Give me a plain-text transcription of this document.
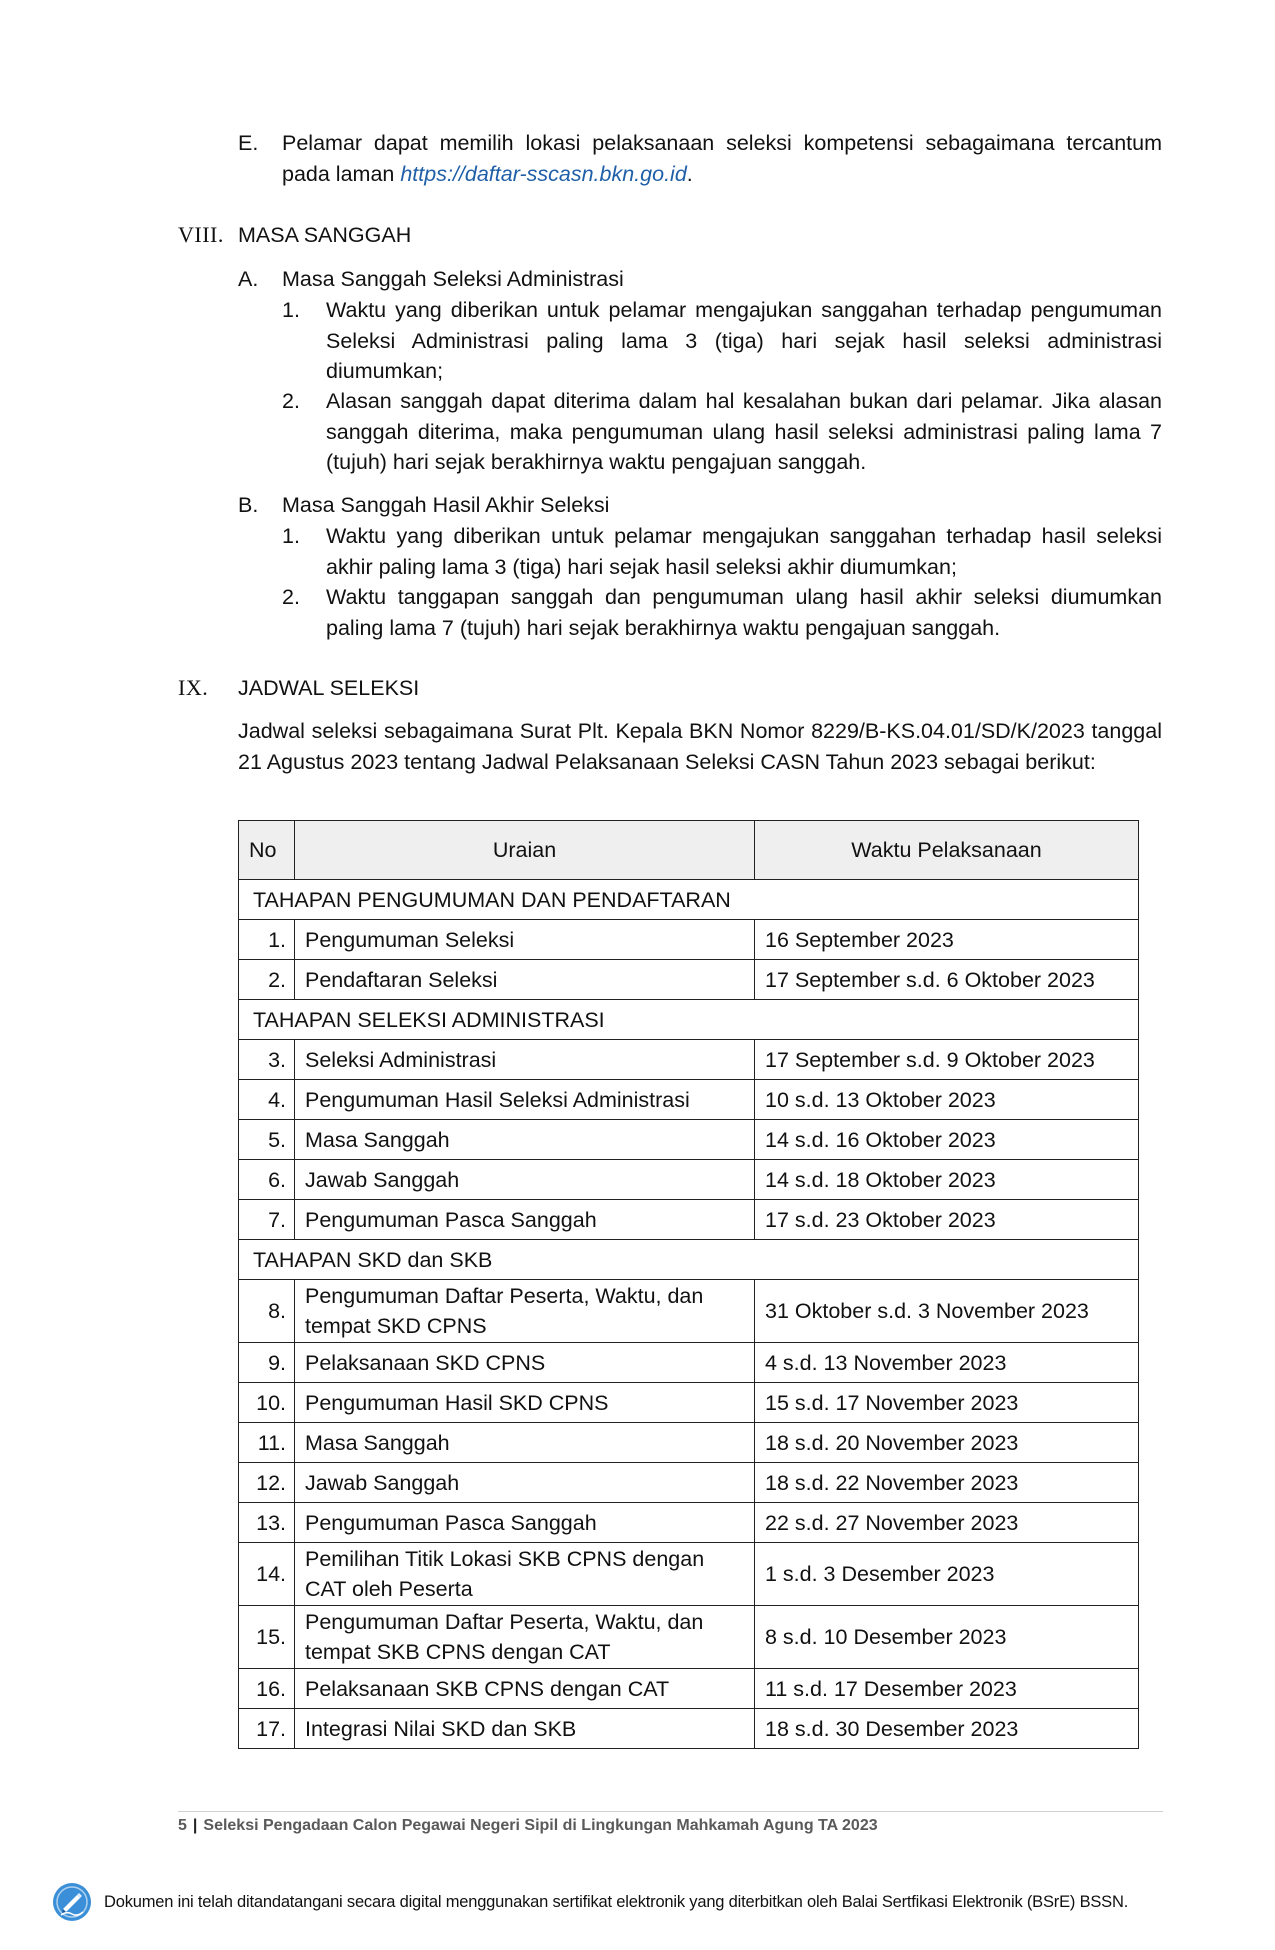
E. Pelamar dapat memilih lokasi pelaksanaan seleksi kompetensi sebagaimana tercantum pada laman https://daftar-sscasn.bkn.go.id.
VIII. MASA SANGGAH
A. Masa Sanggah Seleksi Administrasi
1. Waktu yang diberikan untuk pelamar mengajukan sanggahan terhadap pengumuman Seleksi Administrasi paling lama 3 (tiga) hari sejak hasil seleksi administrasi diumumkan;
2. Alasan sanggah dapat diterima dalam hal kesalahan bukan dari pelamar. Jika alasan sanggah diterima, maka pengumuman ulang hasil seleksi administrasi paling lama 7 (tujuh) hari sejak berakhirnya waktu pengajuan sanggah.
B. Masa Sanggah Hasil Akhir Seleksi
1. Waktu yang diberikan untuk pelamar mengajukan sanggahan terhadap hasil seleksi akhir paling lama 3 (tiga) hari sejak hasil seleksi akhir diumumkan;
2. Waktu tanggapan sanggah dan pengumuman ulang hasil akhir seleksi diumumkan paling lama 7 (tujuh) hari sejak berakhirnya waktu pengajuan sanggah.
IX. JADWAL SELEKSI
Jadwal seleksi sebagaimana Surat Plt. Kepala BKN Nomor 8229/B-KS.04.01/SD/K/2023 tanggal 21 Agustus 2023 tentang Jadwal Pelaksanaan Seleksi CASN Tahun 2023 sebagai berikut:
No	Uraian	Waktu Pelaksanaan
TAHAPAN PENGUMUMAN DAN PENDAFTARAN		
1.	Pengumuman Seleksi	16 September 2023
2.	Pendaftaran Seleksi	17 September s.d. 6 Oktober 2023
TAHAPAN SELEKSI ADMINISTRASI		
3.	Seleksi Administrasi	17 September s.d. 9 Oktober 2023
4.	Pengumuman Hasil Seleksi Administrasi	10 s.d. 13 Oktober 2023
5.	Masa Sanggah	14 s.d. 16 Oktober 2023
6.	Jawab Sanggah	14 s.d. 18 Oktober 2023
7.	Pengumuman Pasca Sanggah	17 s.d. 23 Oktober 2023
TAHAPAN SKD dan SKB		
8.	Pengumuman Daftar Peserta, Waktu, dan tempat SKD CPNS	31 Oktober s.d. 3 November 2023
9.	Pelaksanaan SKD CPNS	4 s.d. 13 November 2023
10.	Pengumuman Hasil SKD CPNS	15 s.d. 17 November 2023
11.	Masa Sanggah	18 s.d. 20 November 2023
12.	Jawab Sanggah	18 s.d. 22 November 2023
13.	Pengumuman Pasca Sanggah	22 s.d. 27 November 2023
14.	Pemilihan Titik Lokasi SKB CPNS dengan CAT oleh Peserta	1 s.d. 3 Desember 2023
15.	Pengumuman Daftar Peserta, Waktu, dan tempat SKB CPNS dengan CAT	8 s.d. 10 Desember 2023
16.	Pelaksanaan SKB CPNS dengan CAT	11 s.d. 17 Desember 2023
17.	Integrasi Nilai SKD dan SKB	18 s.d. 30 Desember 2023
5 | Seleksi Pengadaan Calon Pegawai Negeri Sipil di Lingkungan Mahkamah Agung TA 2023
Dokumen ini telah ditandatangani secara digital menggunakan sertifikat elektronik yang diterbitkan oleh Balai Sertfikasi Elektronik (BSrE) BSSN.
